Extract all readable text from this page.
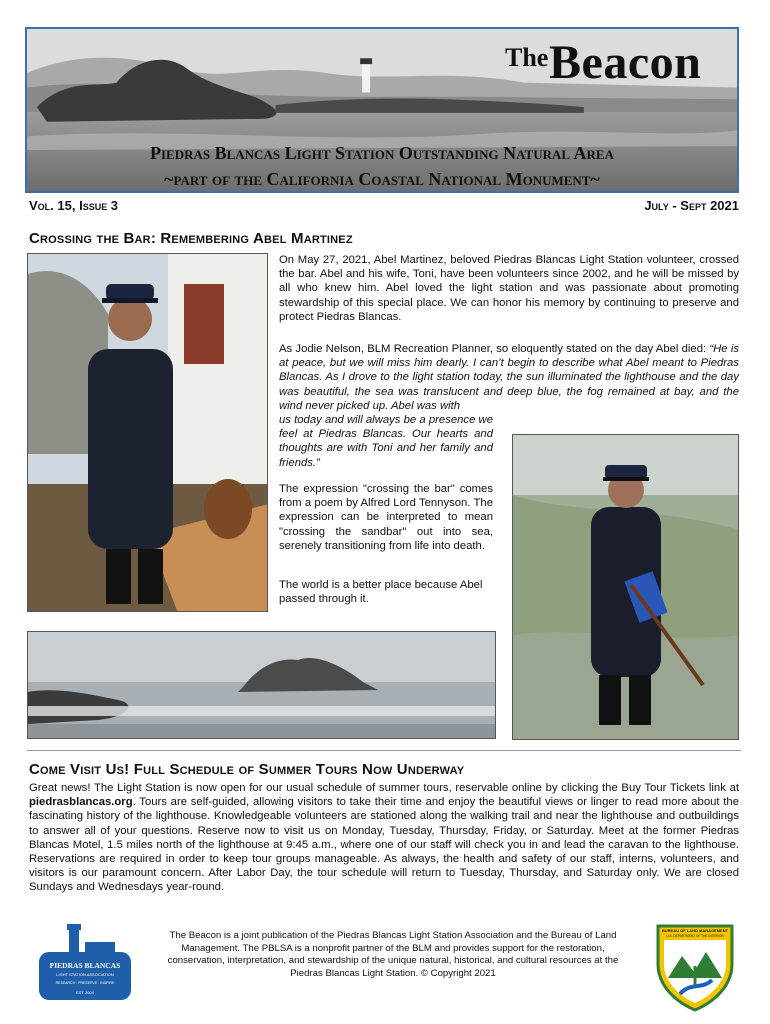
The Beacon
Piedras Blancas Light Station Outstanding Natural Area
~part of the California Coastal National Monument~
Vol. 15, Issue 3	July - Sept 2021
Crossing the Bar: Remembering Abel Martinez

On May 27, 2021, Abel Martinez, beloved Piedras Blancas Light Station volunteer, crossed the bar. Abel and his wife, Toni, have been volunteers since 2002, and he will be missed by all who knew him. Abel loved the light station and was passionate about promoting stewardship of this special place. We can honor his memory by continuing to preserve and protect Piedras Blancas.

As Jodie Nelson, BLM Recreation Planner, so eloquently stated on the day Abel died: “He is at peace, but we will miss him dearly. I can’t begin to describe what Abel meant to Piedras Blancas. As I drove to the light station today, the sun illuminated the lighthouse and the day was beautiful, the sea was translucent and deep blue, the fog remained at bay, and the wind never picked up. Abel was with

us today and will always be a presence we feel at Piedras Blancas. Our hearts and thoughts are with Toni and her family and friends.”

The expression "crossing the bar" comes from a poem by Alfred Lord Tennyson. The expression can be interpreted to mean "crossing the sandbar" out into sea, serenely transitioning from life into death.

The world is a better place because Abel passed through it.

Come Visit Us! Full Schedule of Summer Tours Now Underway

Great news! The Light Station is now open for our usual schedule of summer tours, reservable online by clicking the Buy Tour Tickets link at piedrasblancas.org. Tours are self-guided, allowing visitors to take their time and enjoy the beautiful views or linger to read more about the fascinating history of the lighthouse. Knowledgeable volunteers are stationed along the walking trail and near the lighthouse and outbuildings to answer all of your questions. Reserve now to visit us on Monday, Tuesday, Thursday, Friday, or Saturday. Meet at the former Piedras Blancas Motel, 1.5 miles north of the lighthouse at 9:45 a.m., where one of our staff will check you in and lead the caravan to the lighthouse. Reservations are required in order to keep tour groups manageable. As always, the health and safety of our staff, interns, volunteers, and visitors is our paramount concern. After Labor Day, the tour schedule will return to Tuesday, Thursday, and Saturday only. We are closed Sundays and Wednesdays year-round.

PIEDRAS BLANCAS
LIGHT STATION ASSOCIATION
RESEARCH · PRESERVE · INSPIRE
EST 2004
The Beacon is a joint publication of the Piedras Blancas Light Station Association and the Bureau of Land Management. The PBLSA is a nonprofit partner of the BLM and provides support for the restoration, conservation, interpretation, and stewardship of the unique natural, historical, and cultural resources at the Piedras Blancas Light Station. © Copyright 2021
BUREAU OF LAND MANAGEMENT
U.S. DEPARTMENT OF THE INTERIOR
